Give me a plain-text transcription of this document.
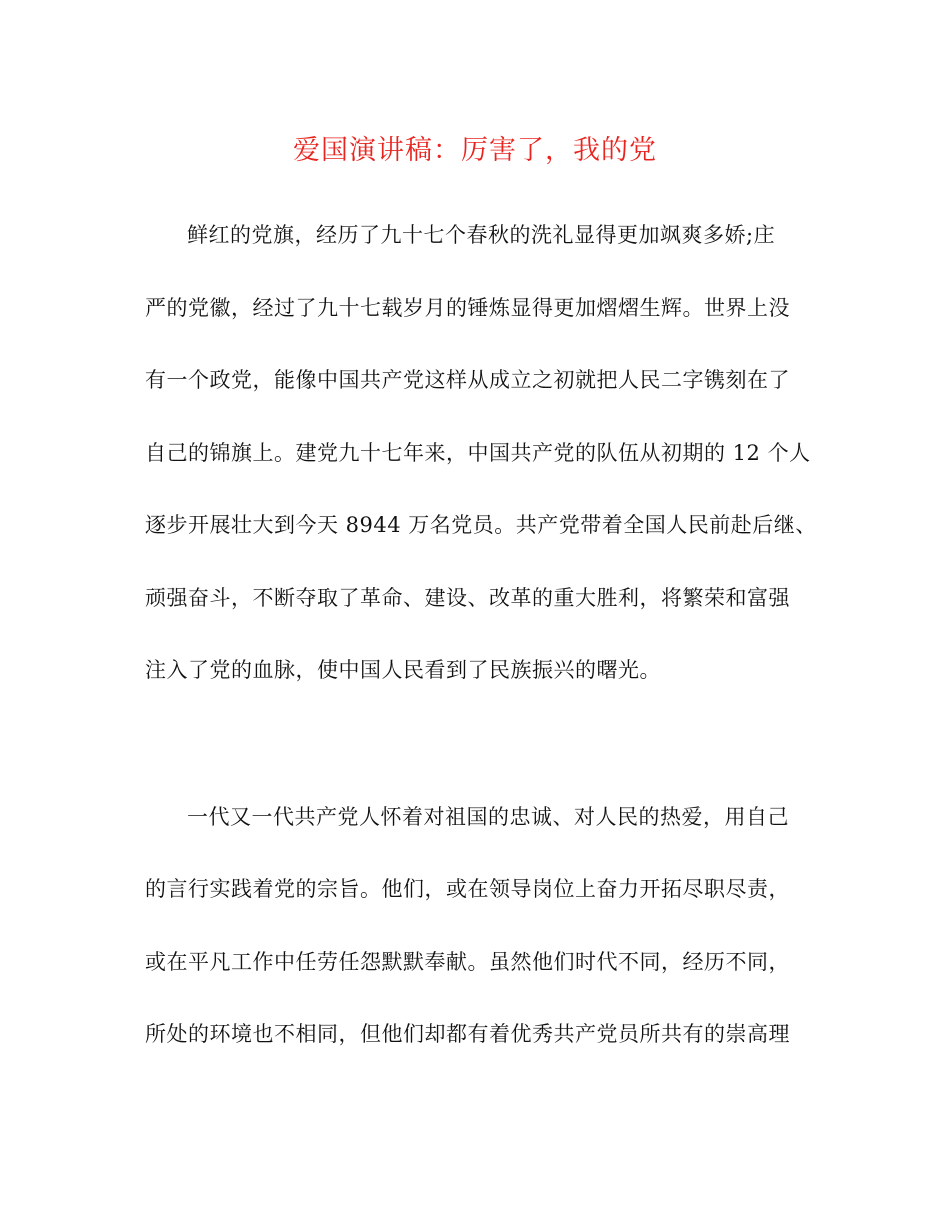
爱国演讲稿：厉害了，我的党
鲜红的党旗，经历了九十七个春秋的洗礼显得更加飒爽多娇;庄
严的党徽，经过了九十七载岁月的锤炼显得更加熠熠生辉。世界上没
有一个政党，能像中国共产党这样从成立之初就把人民二字镌刻在了
自己的锦旗上。建党九十七年来，中国共产党的队伍从初期的 12 个人
逐步开展壮大到今天 8944 万名党员。共产党带着全国人民前赴后继、
顽强奋斗，不断夺取了革命、建设、改革的重大胜利，将繁荣和富强
注入了党的血脉，使中国人民看到了民族振兴的曙光。
一代又一代共产党人怀着对祖国的忠诚、对人民的热爱，用自己
的言行实践着党的宗旨。他们，或在领导岗位上奋力开拓尽职尽责，
或在平凡工作中任劳任怨默默奉献。虽然他们时代不同，经历不同，
所处的环境也不相同，但他们却都有着优秀共产党员所共有的崇高理
